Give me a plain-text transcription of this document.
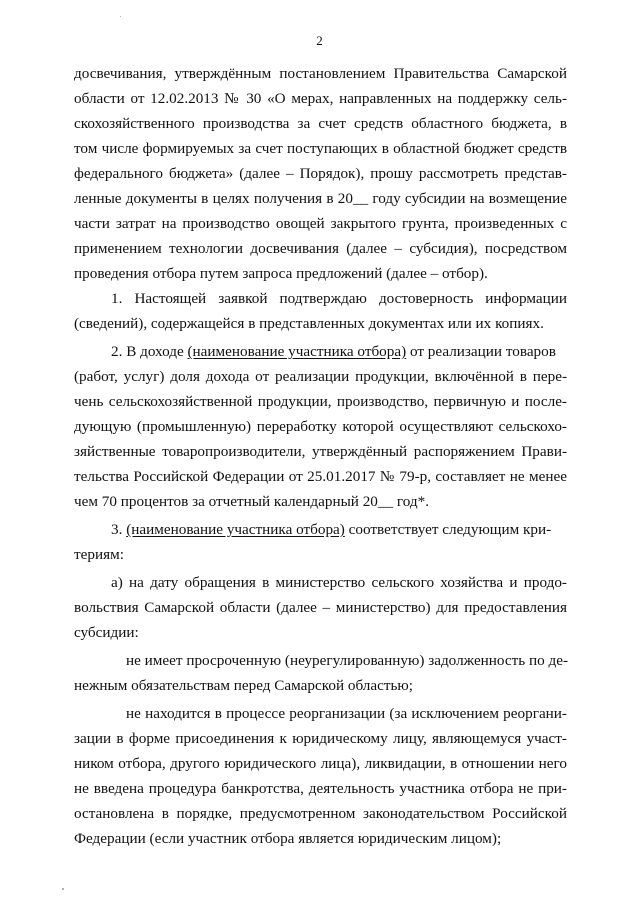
2
досвечивания, утверждённым постановлением Правительства Самарской
области от 12.02.2013 № 30 «О мерах, направленных на поддержку сель-
скохозяйственного производства за счет средств областного бюджета, в
том числе формируемых за счет поступающих в областной бюджет средств
федерального бюджета» (далее – Порядок), прошу рассмотреть представ-
ленные документы в целях получения в 20__ году субсидии на возмещение
части затрат на производство овощей закрытого грунта, произведенных с
применением технологии досвечивания (далее – субсидия), посредством
проведения отбора путем запроса предложений (далее – отбор).
1. Настоящей заявкой подтверждаю достоверность информации
(сведений), содержащейся в представленных документах или их копиях.
2. В доходе (наименование участника отбора) от реализации товаров
(работ, услуг) доля дохода от реализации продукции, включённой в пере-
чень сельскохозяйственной продукции, производство, первичную и после-
дующую (промышленную) переработку которой осуществляют сельскохо-
зяйственные товаропроизводители, утверждённый распоряжением Прави-
тельства Российской Федерации от 25.01.2017 № 79-р, составляет не менее
чем 70 процентов за отчетный календарный 20__ год*.
3. (наименование участника отбора) соответствует следующим кри-
териям:
а) на дату обращения в министерство сельского хозяйства и продо-
вольствия Самарской области (далее – министерство) для предоставления
субсидии:
не имеет просроченную (неурегулированную) задолженность по де-
нежным обязательствам перед Самарской областью;
не находится в процессе реорганизации (за исключением реоргани-
зации в форме присоединения к юридическому лицу, являющемуся участ-
ником отбора, другого юридического лица), ликвидации, в отношении него
не введена процедура банкротства, деятельность участника отбора не при-
остановлена в порядке, предусмотренном законодательством Российской
Федерации (если участник отбора является юридическим лицом);
